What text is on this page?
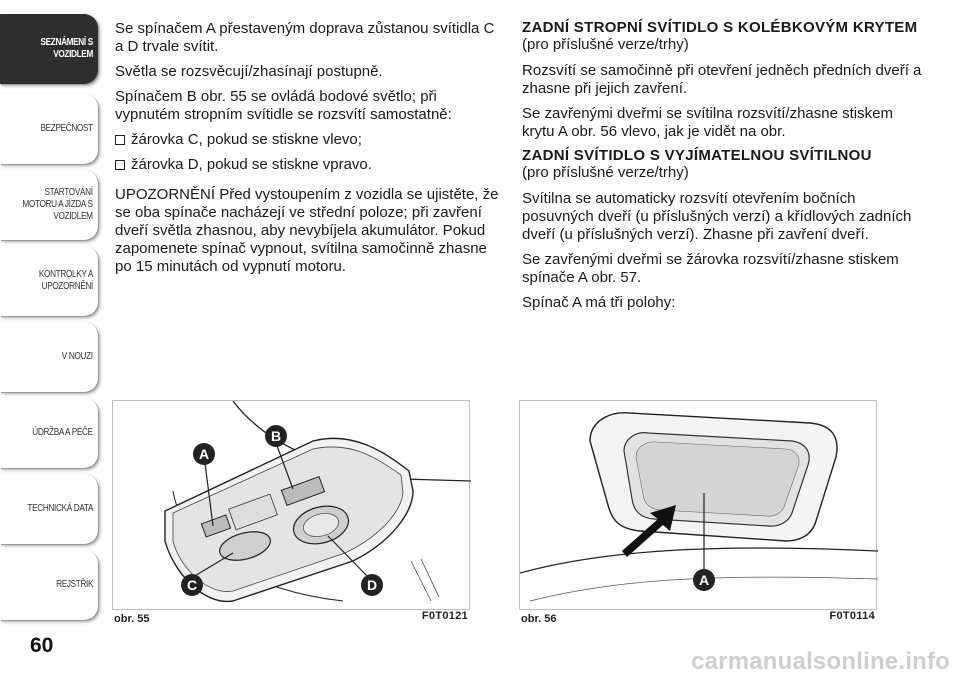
SEZNÁMENÍ S
VOZIDLEM
BEZPEČNOST
STARTOVÁNÍ
MOTORU A JÍZDA S
VOZIDLEM
KONTROLKY A
UPOZORNĚNÍ
V NOUZI
ÚDRŽBA A PÉČE
TECHNICKÁ DATA
REJSTŘÍK
60

Se spínačem A přestaveným doprava zůstanou svítidla C a D trvale svítit.

Světla se rozsvěcují/zhasínají postupně.

Spínačem B obr. 55 se ovládá bodové světlo; při vypnutém stropním svítidle se rozsvítí samostatně:

žárovka C, pokud se stiskne vlevo;
žárovka D, pokud se stiskne vpravo.

UPOZORNĚNÍ Před vystoupením z vozidla se ujistěte, že se oba spínače nacházejí ve střední poloze; při zavření dveří světla zhasnou, aby nevybíjela akumulátor. Pokud zapomenete spínač vypnout, svítilna samočinně zhasne po 15 minutách od vypnutí motoru.

ZADNÍ STROPNÍ SVÍTIDLO S KOLÉBKOVÝM KRYTEM

(pro příslušné verze/trhy)

Rozsvítí se samočinně při otevření jedněch předních dveří a zhasne při jejich zavření.

Se zavřenými dveřmi se svítilna rozsvítí/zhasne stiskem krytu A obr. 56 vlevo, jak je vidět na obr.

ZADNÍ SVÍTIDLO S VYJÍMATELNOU SVÍTILNOU

(pro příslušné verze/trhy)

Svítilna se automaticky rozsvítí otevřením bočních posuvných dveří (u příslušných verzí) a křídlových zadních dveří (u příslušných verzí). Zhasne při zavření dveří.

Se zavřenými dveřmi se žárovka rozsvítí/zhasne stiskem spínače A obr. 57.

Spínač A má tři polohy:

A
B
C	D
obr. 55	F0T0121
A
obr. 56	F0T0114
carmanualsonline.info
